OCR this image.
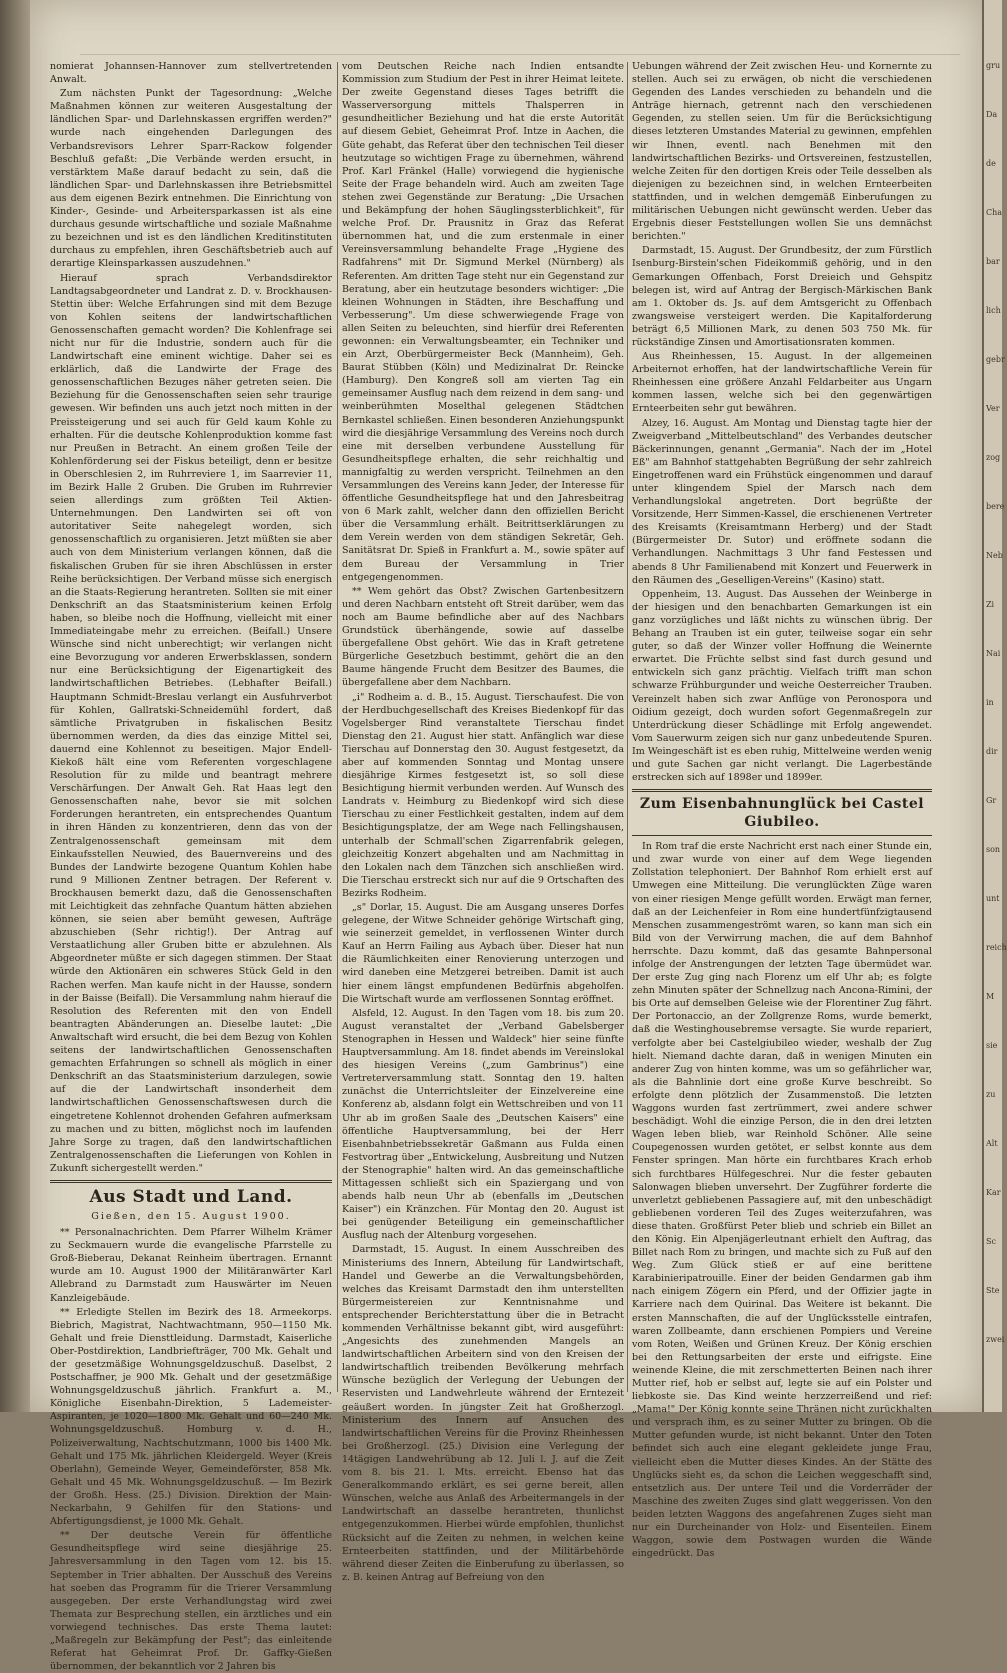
nomierat Johannsen-Hannover zum stellvertretenden Anwalt.

Zum nächsten Punkt der Tagesordnung: „Welche Maßnahmen können zur weiteren Ausgestaltung der ländlichen Spar- und Darlehnskassen ergriffen werden?" wurde nach eingehenden Darlegungen des Verbandsrevisors Lehrer Sparr-Rackow folgender Beschluß gefaßt: „Die Verbände werden ersucht, in verstärktem Maße darauf bedacht zu sein, daß die ländlichen Spar- und Darlehnskassen ihre Betriebsmittel aus dem eigenen Bezirk entnehmen. Die Einrichtung von Kinder-, Gesinde- und Arbeitersparkassen ist als eine durchaus gesunde wirtschaftliche und soziale Maßnahme zu bezeichnen und ist es den ländlichen Kreditinstituten durchaus zu empfehlen, ihren Geschäftsbetrieb auch auf derartige Kleinsparkassen auszudehnen."

Hierauf sprach Verbandsdirektor Landtagsabgeordneter und Landrat z. D. v. Brockhausen-Stettin über: Welche Erfahrungen sind mit dem Bezuge von Kohlen seitens der landwirtschaftlichen Genossenschaften gemacht worden? Die Kohlenfrage sei nicht nur für die Industrie, sondern auch für die Landwirtschaft eine eminent wichtige. Daher sei es erklärlich, daß die Landwirte der Frage des genossenschaftlichen Bezuges näher getreten seien. Die Beziehung für die Genossenschaften seien sehr traurige gewesen. Wir befinden uns auch jetzt noch mitten in der Preissteigerung und sei auch für Geld kaum Kohle zu erhalten. Für die deutsche Kohlenproduktion komme fast nur Preußen in Betracht. An einem großen Teile der Kohlenförderung sei der Fiskus beteiligt, denn er besitze in Oberschlesien 2, im Ruhrreviere 1, im Saarrevier 11, im Bezirk Halle 2 Gruben. Die Gruben im Ruhrrevier seien allerdings zum größten Teil Aktien-Unternehmungen. Den Landwirten sei oft von autoritativer Seite nahegelegt worden, sich genossenschaftlich zu organisieren. Jetzt müßten sie aber auch von dem Ministerium verlangen können, daß die fiskalischen Gruben für sie ihren Abschlüssen in erster Reihe berücksichtigen. Der Verband müsse sich energisch an die Staats-Regierung herantreten. Sollten sie mit einer Denkschrift an das Staatsministerium keinen Erfolg haben, so bleibe noch die Hoffnung, vielleicht mit einer Immediateingabe mehr zu erreichen. (Beifall.) Unsere Wünsche sind nicht unberechtigt; wir verlangen nicht eine Bevorzugung vor anderen Erwerbsklassen, sondern nur eine Berücksichtigung der Eigenartigkeit des landwirtschaftlichen Betriebes. (Lebhafter Beifall.) Hauptmann Schmidt-Breslau verlangt ein Ausfuhrverbot für Kohlen, Gallratski-Schneidemühl fordert, daß sämtliche Privatgruben in fiskalischen Besitz übernommen werden, da dies das einzige Mittel sei, dauernd eine Kohlennot zu beseitigen. Major Endell-Kiekoß hält eine vom Referenten vorgeschlagene Resolution für zu milde und beantragt mehrere Verschärfungen. Der Anwalt Geh. Rat Haas legt den Genossenschaften nahe, bevor sie mit solchen Forderungen herantreten, ein entsprechendes Quantum in ihren Händen zu konzentrieren, denn das von der Zentralgenossenschaft gemeinsam mit dem Einkaufsstellen Neuwied, des Bauernvereins und des Bundes der Landwirte bezogene Quantum Kohlen habe rund 9 Millionen Zentner betragen. Der Referent v. Brockhausen bemerkt dazu, daß die Genossenschaften mit Leichtigkeit das zehnfache Quantum hätten abziehen können, sie seien aber bemüht gewesen, Aufträge abzuschieben (Sehr richtig!). Der Antrag auf Verstaatlichung aller Gruben bitte er abzulehnen. Als Abgeordneter müßte er sich dagegen stimmen. Der Staat würde den Aktionären ein schweres Stück Geld in den Rachen werfen. Man kaufe nicht in der Hausse, sondern in der Baisse (Beifall). Die Versammlung nahm hierauf die Resolution des Referenten mit den von Endell beantragten Abänderungen an. Dieselbe lautet: „Die Anwaltschaft wird ersucht, die bei dem Bezug von Kohlen seitens der landwirtschaftlichen Genossenschaften gemachten Erfahrungen so schnell als möglich in einer Denkschrift an das Staatsministerium darzulegen, sowie auf die der Landwirtschaft insonderheit dem landwirtschaftlichen Genossenschaftswesen durch die eingetretene Kohlennot drohenden Gefahren aufmerksam zu machen und zu bitten, möglichst noch im laufenden Jahre Sorge zu tragen, daß den landwirtschaftlichen Zentralgenossenschaften die Lieferungen von Kohlen in Zukunft sichergestellt werden."

Aus Stadt und Land.
Gießen, den 15. August 1900.

** Personalnachrichten. Dem Pfarrer Wilhelm Krämer zu Seckmauern wurde die evangelische Pfarrstelle zu Groß-Bieberau, Dekanat Reinheim übertragen. Ernannt wurde am 10. August 1900 der Militäranwärter Karl Allebrand zu Darmstadt zum Hauswärter im Neuen Kanzleigebäude.

** Erledigte Stellen im Bezirk des 18. Armeekorps. Biebrich, Magistrat, Nachtwachtmann, 950—1150 Mk. Gehalt und freie Diensttleidung. Darmstadt, Kaiserliche Ober-Postdirektion, Landbriefträger, 700 Mk. Gehalt und der gesetzmäßige Wohnungsgeldzuschuß. Daselbst, 2 Postschaffner, je 900 Mk. Gehalt und der gesetzmäßige Wohnungsgeldzuschuß jährlich. Frankfurt a. M., Königliche Eisenbahn-Direktion, 5 Lademeister-Aspiranten, je 1020—1800 Mk. Gehalt und 60—240 Mk. Wohnungsgeldzuschuß. Homburg v. d. H., Polizeiverwaltung, Nachtschutzmann, 1000 bis 1400 Mk. Gehalt und 175 Mk. jährlichen Kleidergeld. Weyer (Kreis Oberlahn), Gemeinde Weyer, Gemeindeförster, 858 Mk. Gehalt und 45 Mk. Wohnungsgeldzuschuß. — Im Bezirk der Großh. Hess. (25.) Division. Direktion der Main-Neckarbahn, 9 Gehilfen für den Stations- und Abfertigungsdienst, je 1000 Mk. Gehalt.

** Der deutsche Verein für öffentliche Gesundheitspflege wird seine diesjährige 25. Jahresversammlung in den Tagen vom 12. bis 15. September in Trier abhalten. Der Ausschuß des Vereins hat soeben das Programm für die Trierer Versammlung ausgegeben. Der erste Verhandlungstag wird zwei Themata zur Besprechung stellen, ein ärztliches und ein vorwiegend technisches. Das erste Thema lautet: „Maßregeln zur Bekämpfung der Pest"; das einleitende Referat hat Geheimrat Prof. Dr. Gaffky-Gießen übernommen, der bekanntlich vor 2 Jahren bis

vom Deutschen Reiche nach Indien entsandte Kommission zum Studium der Pest in ihrer Heimat leitete. Der zweite Gegenstand dieses Tages betrifft die Wasserversorgung mittels Thalsperren in gesundheitlicher Beziehung und hat die erste Autorität auf diesem Gebiet, Geheimrat Prof. Intze in Aachen, die Güte gehabt, das Referat über den technischen Teil dieser heutzutage so wichtigen Frage zu übernehmen, während Prof. Karl Fränkel (Halle) vorwiegend die hygienische Seite der Frage behandeln wird. Auch am zweiten Tage stehen zwei Gegenstände zur Beratung: „Die Ursachen und Bekämpfung der hohen Säuglingssterblichkeit", für welche Prof. Dr. Prausnitz in Graz das Referat übernommen hat, und die zum erstenmale in einer Vereinsversammlung behandelte Frage „Hygiene des Radfahrens" mit Dr. Sigmund Merkel (Nürnberg) als Referenten. Am dritten Tage steht nur ein Gegenstand zur Beratung, aber ein heutzutage besonders wichtiger: „Die kleinen Wohnungen in Städten, ihre Beschaffung und Verbesserung". Um diese schwerwiegende Frage von allen Seiten zu beleuchten, sind hierfür drei Referenten gewonnen: ein Verwaltungsbeamter, ein Techniker und ein Arzt, Oberbürgermeister Beck (Mannheim), Geh. Baurat Stübben (Köln) und Medizinalrat Dr. Reincke (Hamburg). Den Kongreß soll am vierten Tag ein gemeinsamer Ausflug nach dem reizend in dem sang- und weinberühmten Moselthal gelegenen Städtchen Bernkastel schließen. Einen besonderen Anziehungspunkt wird die diesjährige Versammlung des Vereins noch durch eine mit derselben verbundene Ausstellung für Gesundheitspflege erhalten, die sehr reichhaltig und mannigfaltig zu werden verspricht. Teilnehmen an den Versammlungen des Vereins kann Jeder, der Interesse für öffentliche Gesundheitspflege hat und den Jahresbeitrag von 6 Mark zahlt, welcher dann den offiziellen Bericht über die Versammlung erhält. Beitrittserklärungen zu dem Verein werden von dem ständigen Sekretär, Geh. Sanitätsrat Dr. Spieß in Frankfurt a. M., sowie später auf dem Bureau der Versammlung in Trier entgegengenommen.

** Wem gehört das Obst? Zwischen Gartenbesitzern und deren Nachbarn entsteht oft Streit darüber, wem das noch am Baume befindliche aber auf des Nachbars Grundstück überhängende, sowie auf dasselbe übergefallene Obst gehört. Wie das in Kraft getretene Bürgerliche Gesetzbuch bestimmt, gehört die an den Baume hängende Frucht dem Besitzer des Baumes, die übergefallene aber dem Nachbarn.

„i" Rodheim a. d. B., 15. August. Tierschaufest. Die von der Herdbuchgesellschaft des Kreises Biedenkopf für das Vogelsberger Rind veranstaltete Tierschau findet Dienstag den 21. August hier statt. Anfänglich war diese Tierschau auf Donnerstag den 30. August festgesetzt, da aber auf kommenden Sonntag und Montag unsere diesjährige Kirmes festgesetzt ist, so soll diese Besichtigung hiermit verbunden werden. Auf Wunsch des Landrats v. Heimburg zu Biedenkopf wird sich diese Tierschau zu einer Festlichkeit gestalten, indem auf dem Besichtigungsplatze, der am Wege nach Fellingshausen, unterhalb der Schmall'schen Zigarrenfabrik gelegen, gleichzeitig Konzert abgehalten und am Nachmittag in den Lokalen nach dem Tänzchen sich anschließen wird. Die Tierschau erstreckt sich nur auf die 9 Ortschaften des Bezirks Rodheim.

„s" Dorlar, 15. August. Die am Ausgang unseres Dorfes gelegene, der Witwe Schneider gehörige Wirtschaft ging, wie seinerzeit gemeldet, in verflossenen Winter durch Kauf an Herrn Failing aus Aybach über. Dieser hat nun die Räumlichkeiten einer Renovierung unterzogen und wird daneben eine Metzgerei betreiben. Damit ist auch hier einem längst empfundenen Bedürfnis abgeholfen. Die Wirtschaft wurde am verflossenen Sonntag eröffnet.

Alsfeld, 12. August. In den Tagen vom 18. bis zum 20. August veranstaltet der „Verband Gabelsberger Stenographen in Hessen und Waldeck" hier seine fünfte Hauptversammlung. Am 18. findet abends im Vereinslokal des hiesigen Vereins („zum Gambrinus") eine Vertreterversammlung statt. Sonntag den 19. halten zunächst die Unterrichtsleiter der Einzelvereine eine Konferenz ab, alsdann folgt ein Wettschreiben und von 11 Uhr ab im großen Saale des „Deutschen Kaisers" eine öffentliche Hauptversammlung, bei der Herr Eisenbahnbetriebssekretär Gaßmann aus Fulda einen Festvortrag über „Entwickelung, Ausbreitung und Nutzen der Stenographie" halten wird. An das gemeinschaftliche Mittagessen schließt sich ein Spaziergang und von abends halb neun Uhr ab (ebenfalls im „Deutschen Kaiser") ein Kränzchen. Für Montag den 20. August ist bei genügender Beteiligung ein gemeinschaftlicher Ausflug nach der Altenburg vorgesehen.

Darmstadt, 15. August. In einem Ausschreiben des Ministeriums des Innern, Abteilung für Landwirtschaft, Handel und Gewerbe an die Verwaltungsbehörden, welches das Kreisamt Darmstadt den ihm unterstellten Bürgermeistereien zur Kenntnisnahme und entsprechender Berichterstattung über die in Betracht kommenden Verhältnisse bekannt gibt, wird ausgeführt: „Angesichts des zunehmenden Mangels an landwirtschaftlichen Arbeitern sind von den Kreisen der landwirtschaftlich treibenden Bevölkerung mehrfach Wünsche bezüglich der Verlegung der Uebungen der Reservisten und Landwehrleute während der Erntezeit geäußert worden. In jüngster Zeit hat Großherzogl. Ministerium des Innern auf Ansuchen des landwirtschaftlichen Vereins für die Provinz Rheinhessen bei Großherzogl. (25.) Division eine Verlegung der 14tägigen Landwehrübung ab 12. Juli l. J. auf die Zeit vom 8. bis 21. l. Mts. erreicht. Ebenso hat das Generalkommando erklärt, es sei gerne bereit, allen Wünschen, welche aus Anlaß des Arbeitermangels in der Landwirtschaft an dasselbe herantreten, thunlichst entgegenzukommen. Hierbei würde empfohlen, thunlichst Rücksicht auf die Zeiten zu nehmen, in welchen keine Ernteerbeiten stattfinden, und der Militärbehörde während dieser Zeiten die Einberufung zu überlassen, so z. B. keinen Antrag auf Befreiung von den

Uebungen während der Zeit zwischen Heu- und Kornernte zu stellen. Auch sei zu erwägen, ob nicht die verschiedenen Gegenden des Landes verschieden zu behandeln und die Anträge hiernach, getrennt nach den verschiedenen Gegenden, zu stellen seien. Um für die Berücksichtigung dieses letzteren Umstandes Material zu gewinnen, empfehlen wir Ihnen, eventl. nach Benehmen mit den landwirtschaftlichen Bezirks- und Ortsvereinen, festzustellen, welche Zeiten für den dortigen Kreis oder Teile desselben als diejenigen zu bezeichnen sind, in welchen Ernteerbeiten stattfinden, und in welchen demgemäß Einberufungen zu militärischen Uebungen nicht gewünscht werden. Ueber das Ergebnis dieser Feststellungen wollen Sie uns demnächst berichten."

Darmstadt, 15. August. Der Grundbesitz, der zum Fürstlich Isenburg-Birstein'schen Fideikommiß gehörig, und in den Gemarkungen Offenbach, Forst Dreieich und Gehspitz belegen ist, wird auf Antrag der Bergisch-Märkischen Bank am 1. Oktober ds. Js. auf dem Amtsgericht zu Offenbach zwangsweise versteigert werden. Die Kapitalforderung beträgt 6,5 Millionen Mark, zu denen 503 750 Mk. für rückständige Zinsen und Amortisationsraten kommen.

Aus Rheinhessen, 15. August. In der allgemeinen Arbeiternot erhoffen, hat der landwirtschaftliche Verein für Rheinhessen eine größere Anzahl Feldarbeiter aus Ungarn kommen lassen, welche sich bei den gegenwärtigen Ernteerbeiten sehr gut bewähren.

Alzey, 16. August. Am Montag und Dienstag tagte hier der Zweigverband „Mittelbeutschland" des Verbandes deutscher Bäckerinnungen, genannt „Germania". Nach der im „Hotel Eß" am Bahnhof stattgehabten Begrüßung der sehr zahlreich Eingetroffenen ward ein Frühstück eingenommen und darauf unter klingendem Spiel der Marsch nach dem Verhandlungslokal angetreten. Dort begrüßte der Vorsitzende, Herr Simmen-Kassel, die erschienenen Vertreter des Kreisamts (Kreisamtmann Herberg) und der Stadt (Bürgermeister Dr. Sutor) und eröffnete sodann die Verhandlungen. Nachmittags 3 Uhr fand Festessen und abends 8 Uhr Familienabend mit Konzert und Feuerwerk in den Räumen des „Geselligen-Vereins" (Kasino) statt.

Oppenheim, 13. August. Das Aussehen der Weinberge in der hiesigen und den benachbarten Gemarkungen ist ein ganz vorzügliches und läßt nichts zu wünschen übrig. Der Behang an Trauben ist ein guter, teilweise sogar ein sehr guter, so daß der Winzer voller Hoffnung die Weinernte erwartet. Die Früchte selbst sind fast durch gesund und entwickeln sich ganz prächtig. Vielfach trifft man schon schwarze Frühburgunder und weiche Oesterreicher Trauben. Vereinzelt haben sich zwar Anflüge von Peronospora und Oidium gezeigt, doch wurden sofort Gegenmaßregeln zur Unterdrückung dieser Schädlinge mit Erfolg angewendet. Vom Sauerwurm zeigen sich nur ganz unbedeutende Spuren. Im Weingeschäft ist es eben ruhig, Mittelweine werden wenig und gute Sachen gar nicht verlangt. Die Lagerbestände erstrecken sich auf 1898er und 1899er.

Zum Eisenbahnunglück bei Castel Giubileo.

In Rom traf die erste Nachricht erst nach einer Stunde ein, und zwar wurde von einer auf dem Wege liegenden Zollstation telephoniert. Der Bahnhof Rom erhielt erst auf Umwegen eine Mitteilung. Die verunglückten Züge waren von einer riesigen Menge gefüllt worden. Erwägt man ferner, daß an der Leichenfeier in Rom eine hundertfünfzigtausend Menschen zusammengeströmt waren, so kann man sich ein Bild von der Verwirrung machen, die auf dem Bahnhof herrschte. Dazu kommt, daß das gesamte Bahnpersonal infolge der Anstrengungen der letzten Tage übermüdet war. Der erste Zug ging nach Florenz um elf Uhr ab; es folgte zehn Minuten später der Schnellzug nach Ancona-Rimini, der bis Orte auf demselben Geleise wie der Florentiner Zug fährt. Der Portonaccio, an der Zollgrenze Roms, wurde bemerkt, daß die Westinghousebremse versagte. Sie wurde repariert, verfolgte aber bei Castelgiubileo wieder, weshalb der Zug hielt. Niemand dachte daran, daß in wenigen Minuten ein anderer Zug von hinten komme, was um so gefährlicher war, als die Bahnlinie dort eine große Kurve beschreibt. So erfolgte denn plötzlich der Zusammenstoß. Die letzten Waggons wurden fast zertrümmert, zwei andere schwer beschädigt. Wohl die einzige Person, die in den drei letzten Wagen leben blieb, war Reinhold Schöner. Alle seine Coupegenossen wurden getötet, er selbst konnte aus dem Fenster springen. Man hörte ein furchtbares Krach erhob sich furchtbares Hülfegeschrei. Nur die fester gebauten Salonwagen blieben unversehrt. Der Zugführer forderte die unverletzt gebliebenen Passagiere auf, mit den unbeschädigt gebliebenen vorderen Teil des Zuges weiterzufahren, was diese thaten. Großfürst Peter blieb und schrieb ein Billet an den König. Ein Alpenjägerleutnant erhielt den Auftrag, das Billet nach Rom zu bringen, und machte sich zu Fuß auf den Weg. Zum Glück stieß er auf eine berittene Karabinieripatrouille. Einer der beiden Gendarmen gab ihm nach einigem Zögern ein Pferd, und der Offizier jagte in Karriere nach dem Quirinal. Das Weitere ist bekannt. Die ersten Mannschaften, die auf der Unglücksstelle eintrafen, waren Zollbeamte, dann erschienen Pompiers und Vereine vom Roten, Weißen und Grünen Kreuz. Der König erschien bei den Rettungsarbeiten der erste und eifrigste. Eine weinende Kleine, die mit zerschmetterten Beinen nach ihrer Mutter rief, hob er selbst auf, legte sie auf ein Polster und liebkoste sie. Das Kind weinte herzzerreißend und rief: „Mama!" Der König konnte seine Thränen nicht zurückhalten und versprach ihm, es zu seiner Mutter zu bringen. Ob die Mutter gefunden wurde, ist nicht bekannt. Unter den Toten befindet sich auch eine elegant gekleidete junge Frau, vielleicht eben die Mutter dieses Kindes. An der Stätte des Unglücks sieht es, da schon die Leichen weggeschafft sind, entsetzlich aus. Der untere Teil und die Vorderräder der Maschine des zweiten Zuges sind glatt weggerissen. Von den beiden letzten Waggons des angefahrenen Zuges sieht man nur ein Durcheinander von Holz- und Eisenteilen. Einem Waggon, sowie dem Postwagen wurden die Wände eingedrückt. Das

gru
Da
de
Cha
bar
lich
gebr
Ver
zog
bere
Neb
Zi
Nai
in
dir
Gr
son
unt
reich
M
sie
zu
Alt
Kar
Sc
Ste
zwei
